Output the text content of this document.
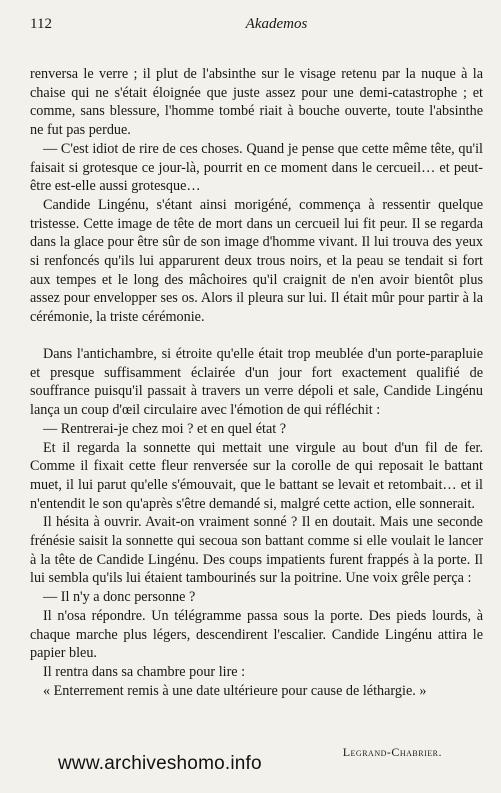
112	Akademos

renversa le verre ; il plut de l'absinthe sur le visage retenu par la nuque à la chaise qui ne s'était éloignée que juste assez pour une demi-catastrophe ; et comme, sans blessure, l'homme tombé riait à bouche ouverte, toute l'absinthe ne fut pas perdue.

— C'est idiot de rire de ces choses. Quand je pense que cette même tête, qu'il faisait si grotesque ce jour-là, pourrit en ce moment dans le cercueil… et peut-être est-elle aussi grotesque…

Candide Lingénu, s'étant ainsi morigéné, commença à ressentir quelque tristesse. Cette image de tête de mort dans un cercueil lui fit peur. Il se regarda dans la glace pour être sûr de son image d'homme vivant. Il lui trouva des yeux si renfoncés qu'ils lui apparurent deux trous noirs, et la peau se tendait si fort aux tempes et le long des mâchoires qu'il craignit de n'en avoir bientôt plus assez pour envelopper ses os. Alors il pleura sur lui. Il était mûr pour partir à la cérémonie, la triste cérémonie.

Dans l'antichambre, si étroite qu'elle était trop meublée d'un porte-parapluie et presque suffisamment éclairée d'un jour fort exactement qualifié de souffrance puisqu'il passait à travers un verre dépoli et sale, Candide Lingénu lança un coup d'œil circulaire avec l'émotion de qui réfléchit :

— Rentrerai-je chez moi ? et en quel état ?

Et il regarda la sonnette qui mettait une virgule au bout d'un fil de fer. Comme il fixait cette fleur renversée sur la corolle de qui reposait le battant muet, il lui parut qu'elle s'émouvait, que le battant se levait et retombait… et il n'entendit le son qu'après s'être demandé si, malgré cette action, elle sonnerait.

Il hésita à ouvrir. Avait-on vraiment sonné ? Il en doutait. Mais une seconde frénésie saisit la sonnette qui secoua son battant comme si elle voulait le lancer à la tête de Candide Lingénu. Des coups impatients furent frappés à la porte. Il lui sembla qu'ils lui étaient tambourinés sur la poitrine. Une voix grêle perça :

— Il n'y a donc personne ?

Il n'osa répondre. Un télégramme passa sous la porte. Des pieds lourds, à chaque marche plus légers, descendirent l'escalier. Candide Lingénu attira le papier bleu.

Il rentra dans sa chambre pour lire :

« Enterrement remis à une date ultérieure pour cause de léthargie. »

Legrand-Chabrier.
www.archiveshomo.info
